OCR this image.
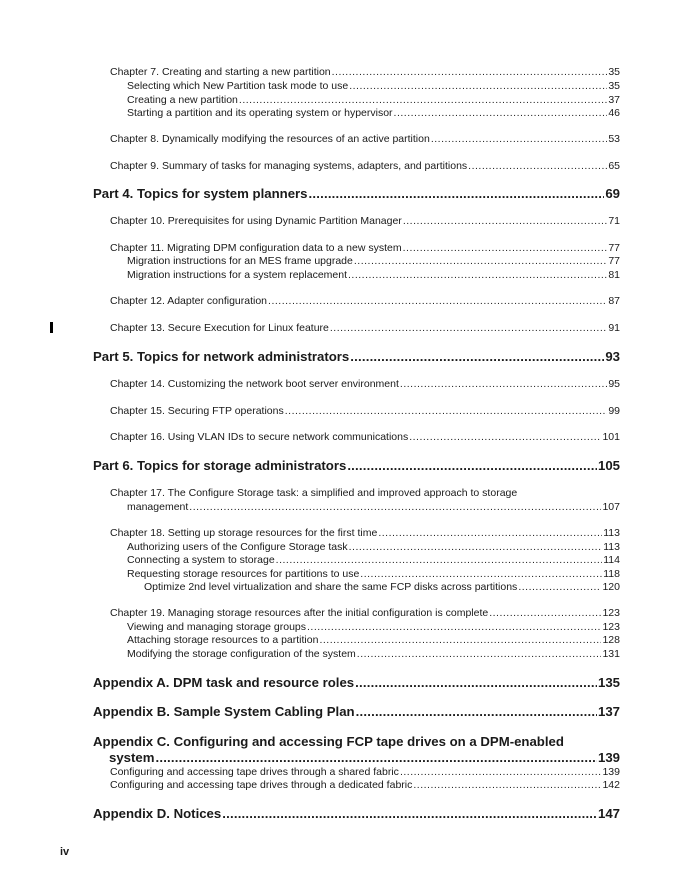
Chapter 7. Creating and starting a new partition .....	35
Selecting which New Partition task mode to use .....	35
Creating a new partition .....	37
Starting a partition and its operating system or hypervisor .....	46
Chapter 8. Dynamically modifying the resources of an active partition .....	53
Chapter 9. Summary of tasks for managing systems, adapters, and partitions .....	65
Part 4. Topics for system planners .....	69
Chapter 10. Prerequisites for using Dynamic Partition Manager .....	71
Chapter 11. Migrating DPM configuration data to a new system .....	77
Migration instructions for an MES frame upgrade .....	77
Migration instructions for a system replacement .....	81
Chapter 12. Adapter configuration .....	87
Chapter 13. Secure Execution for Linux feature .....	91
Part 5. Topics for network administrators .....	93
Chapter 14. Customizing the network boot server environment .....	95
Chapter 15. Securing FTP operations .....	99
Chapter 16. Using VLAN IDs to secure network communications .....	101
Part 6. Topics for storage administrators .....	105
Chapter 17. The Configure Storage task: a simplified and improved approach to storage
management .....	107
Chapter 18. Setting up storage resources for the first time .....	113
Authorizing users of the Configure Storage task .....	113
Connecting a system to storage .....	114
Requesting storage resources for partitions to use .....	118
Optimize 2nd level virtualization and share the same FCP disks across partitions .....	120
Chapter 19. Managing storage resources after the initial configuration is complete .....	123
Viewing and managing storage groups .....	123
Attaching storage resources to a partition .....	128
Modifying the storage configuration of the system .....	131
Appendix A. DPM task and resource roles .....	135
Appendix B. Sample System Cabling Plan .....	137
Appendix C. Configuring and accessing FCP tape drives on a DPM-enabled
system .....	139
Configuring and accessing tape drives through a shared fabric .....	139
Configuring and accessing tape drives through a dedicated fabric .....	142
Appendix D. Notices .....	147
iv
